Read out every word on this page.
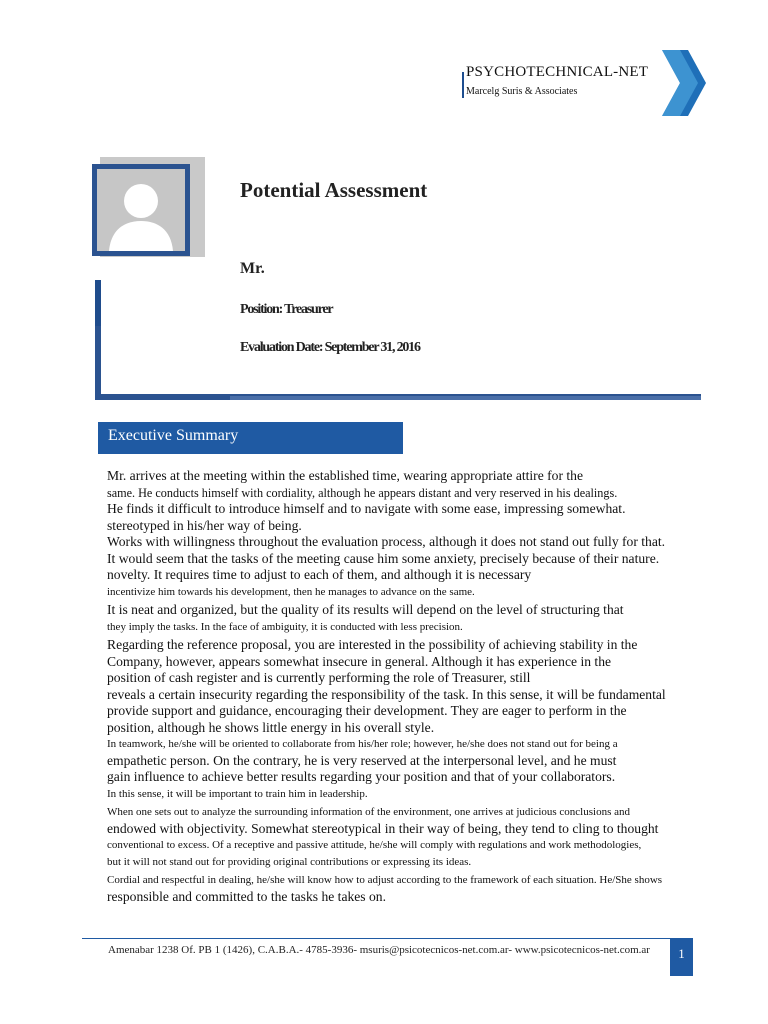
PSYCHOTECHNICAL-NET
Marcelg Suris & Associates
Potential Assessment
Mr.
Position: Treasurer
Evaluation Date: September 31, 2016
Executive Summary

Mr. arrives at the meeting within the established time, wearing appropriate attire for the

same. He conducts himself with cordiality, although he appears distant and very reserved in his dealings.

He finds it difficult to introduce himself and to navigate with some ease, impressing somewhat.

stereotyped in his/her way of being.

Works with willingness throughout the evaluation process, although it does not stand out fully for that.

It would seem that the tasks of the meeting cause him some anxiety, precisely because of their nature.

novelty. It requires time to adjust to each of them, and although it is necessary

incentivize him towards his development, then he manages to advance on the same.

It is neat and organized, but the quality of its results will depend on the level of structuring that

they imply the tasks. In the face of ambiguity, it is conducted with less precision.

Regarding the reference proposal, you are interested in the possibility of achieving stability in the

Company, however, appears somewhat insecure in general. Although it has experience in the

position of cash register and is currently performing the role of Treasurer, still

reveals a certain insecurity regarding the responsibility of the task. In this sense, it will be fundamental

provide support and guidance, encouraging their development. They are eager to perform in the

position, although he shows little energy in his overall style.

In teamwork, he/she will be oriented to collaborate from his/her role; however, he/she does not stand out for being a

empathetic person. On the contrary, he is very reserved at the interpersonal level, and he must

gain influence to achieve better results regarding your position and that of your collaborators.

In this sense, it will be important to train him in leadership.

When one sets out to analyze the surrounding information of the environment, one arrives at judicious conclusions and

endowed with objectivity. Somewhat stereotypical in their way of being, they tend to cling to thought

conventional to excess. Of a receptive and passive attitude, he/she will comply with regulations and work methodologies,

but it will not stand out for providing original contributions or expressing its ideas.

Cordial and respectful in dealing, he/she will know how to adjust according to the framework of each situation. He/She shows

responsible and committed to the tasks he takes on.

Amenabar 1238 Of. PB 1 (1426), C.A.B.A.- 4785-3936- msuris@psicotecnicos-net.com.ar- www.psicotecnicos-net.com.ar	1
